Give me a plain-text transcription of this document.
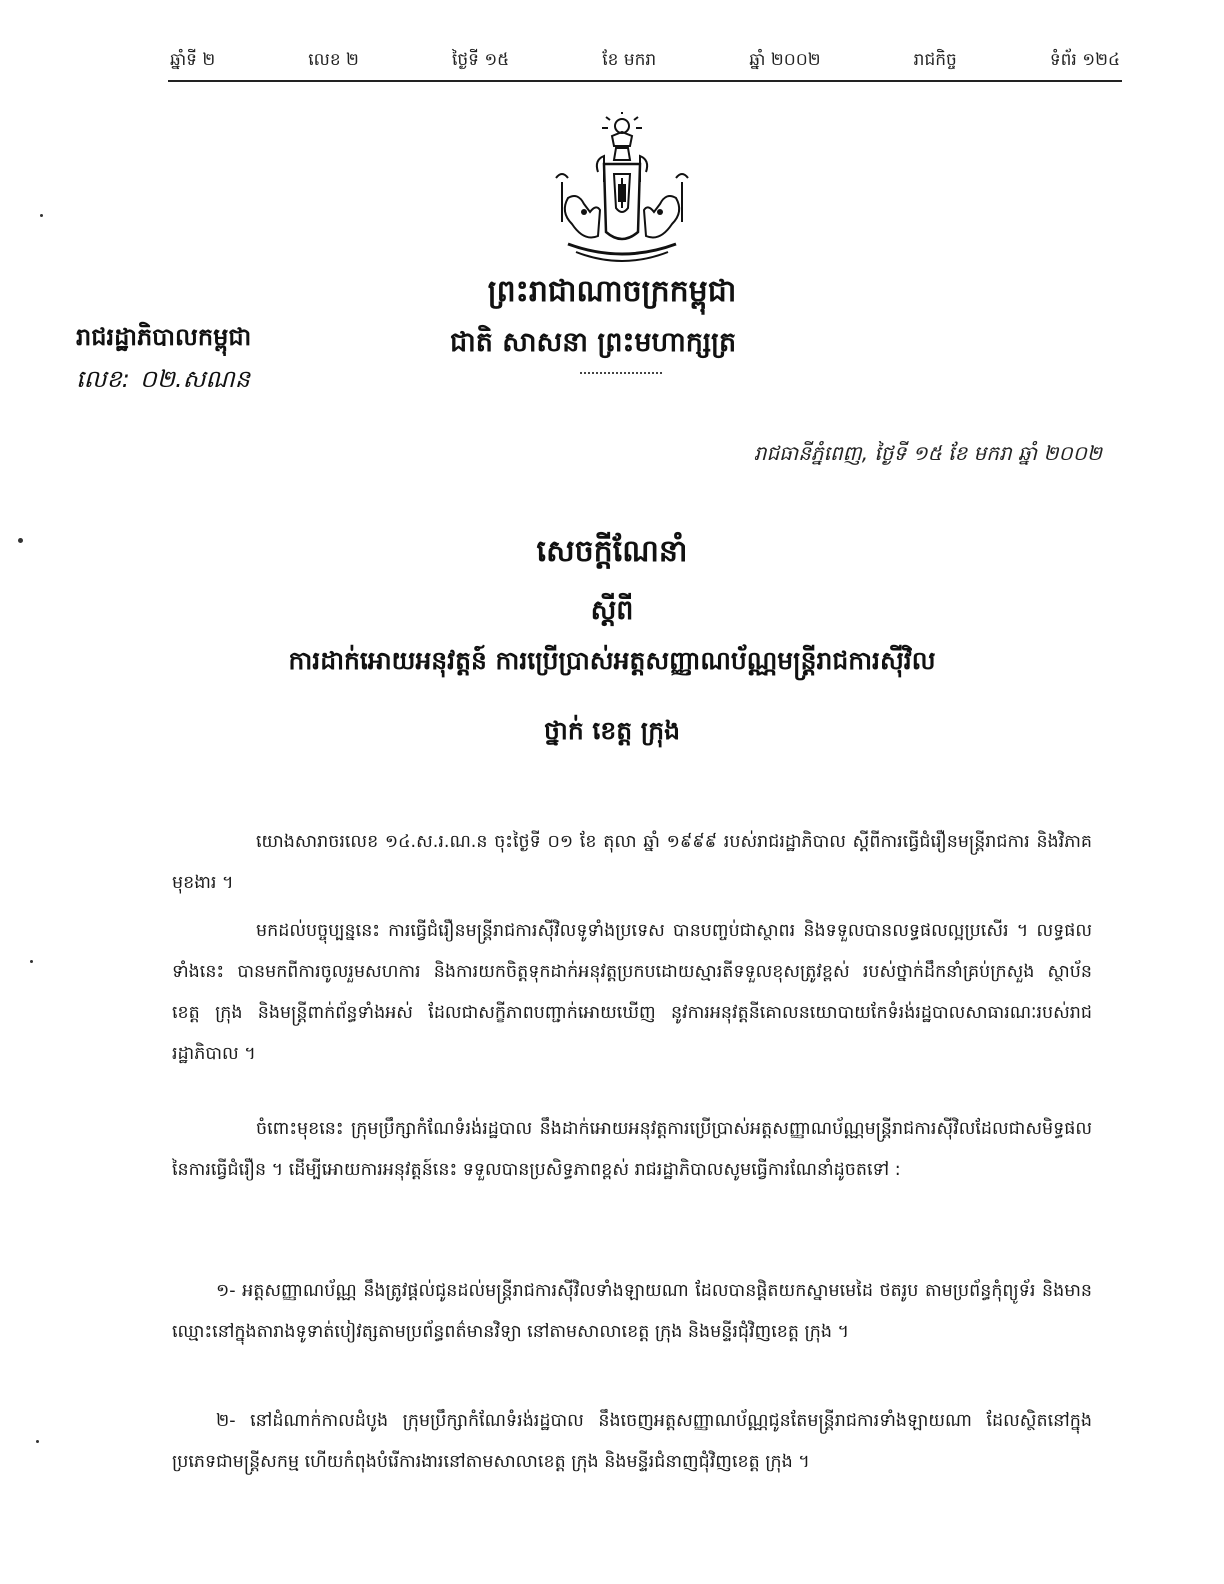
ឆ្នាំទី ២	លេខ ២	ថ្ងៃទី ១៥	ខែ មករា	ឆ្នាំ ២០០២	រាជកិច្ច	ទំព័រ ១២៤
ព្រះរាជាណាចក្រកម្ពុជា
ជាតិ សាសនា ព្រះមហាក្សត្រ
រាជរដ្ឋាភិបាលកម្ពុជា
លេខ: ០២.សណន
រាជធានីភ្នំពេញ, ថ្ងៃទី ១៥ ខែ មករា ឆ្នាំ ២០០២
សេចក្តីណែនាំ
ស្តីពី
ការដាក់អោយអនុវត្តន៍ ការប្រើប្រាស់អត្តសញ្ញាណប័ណ្ណមន្ត្រីរាជការស៊ីវិល
ថ្នាក់ ខេត្ត ក្រុង

យោងសារាចរលេខ ១៤.ស.រ.ណ.ន ចុះថ្ងៃទី ០១ ខែ តុលា ឆ្នាំ ១៩៩៩ របស់រាជរដ្ឋាភិបាល ស្តីពីការធ្វើជំរឿនមន្ត្រីរាជការ និងវិភាគមុខងារ ។

មកដល់បច្ចុប្បន្ននេះ ការធ្វើជំរឿនមន្ត្រីរាជការស៊ីវិលទូទាំងប្រទេស បានបញ្ចប់ជាស្ថាពរ និងទទួលបានលទ្ធផលល្អប្រសើរ ។ លទ្ធផលទាំងនេះ បានមកពីការចូលរួមសហការ និងការយកចិត្តទុកដាក់អនុវត្តប្រកបដោយស្មារតីទទួលខុសត្រូវខ្ពស់ របស់ថ្នាក់ដឹកនាំគ្រប់ក្រសួង ស្ថាប័ន ខេត្ត ក្រុង និងមន្ត្រីពាក់ព័ន្ធទាំងអស់ ដែលជាសក្ខីភាពបញ្ជាក់អោយឃើញ នូវការអនុវត្តនីគោលនយោបាយកែទំរង់រដ្ឋបាលសាធារណៈរបស់រាជរដ្ឋាភិបាល ។

ចំពោះមុខនេះ ក្រុមប្រឹក្សាកំណែទំរង់រដ្ឋបាល នឹងដាក់អោយអនុវត្តការប្រើប្រាស់អត្តសញ្ញាណប័ណ្ណមន្ត្រីរាជការស៊ីវិលដែលជាសមិទ្ធផលនៃការធ្វើជំរឿន ។ ដើម្បីអោយការអនុវត្តន៍នេះ ទទួលបានប្រសិទ្ធភាពខ្ពស់ រាជរដ្ឋាភិបាលសូមធ្វើការណែនាំដូចតទៅ :

១- អត្តសញ្ញាណប័ណ្ណ នឹងត្រូវផ្តល់ជូនដល់មន្ត្រីរាជការស៊ីវិលទាំងឡាយណា ដែលបានផ្តិតយកស្នាមមេដៃ ថតរូប តាមប្រព័ន្ធកុំព្យូទ័រ និងមានឈ្មោះនៅក្នុងតារាងទូទាត់បៀវត្សតាមប្រព័ន្ធពត៌មានវិទ្យា នៅតាមសាលាខេត្ត ក្រុង និងមន្ទីរជុំវិញខេត្ត ក្រុង ។

២- នៅដំណាក់កាលដំបូង ក្រុមប្រឹក្សាកំណែទំរង់រដ្ឋបាល នឹងចេញអត្តសញ្ញាណប័ណ្ណជូនតែមន្ត្រីរាជការទាំងឡាយណា ដែលស្ថិតនៅក្នុងប្រភេទជាមន្ត្រីសកម្ម ហើយកំពុងបំរើការងារនៅតាមសាលាខេត្ត ក្រុង និងមន្ទីរជំនាញជុំវិញខេត្ត ក្រុង ។
